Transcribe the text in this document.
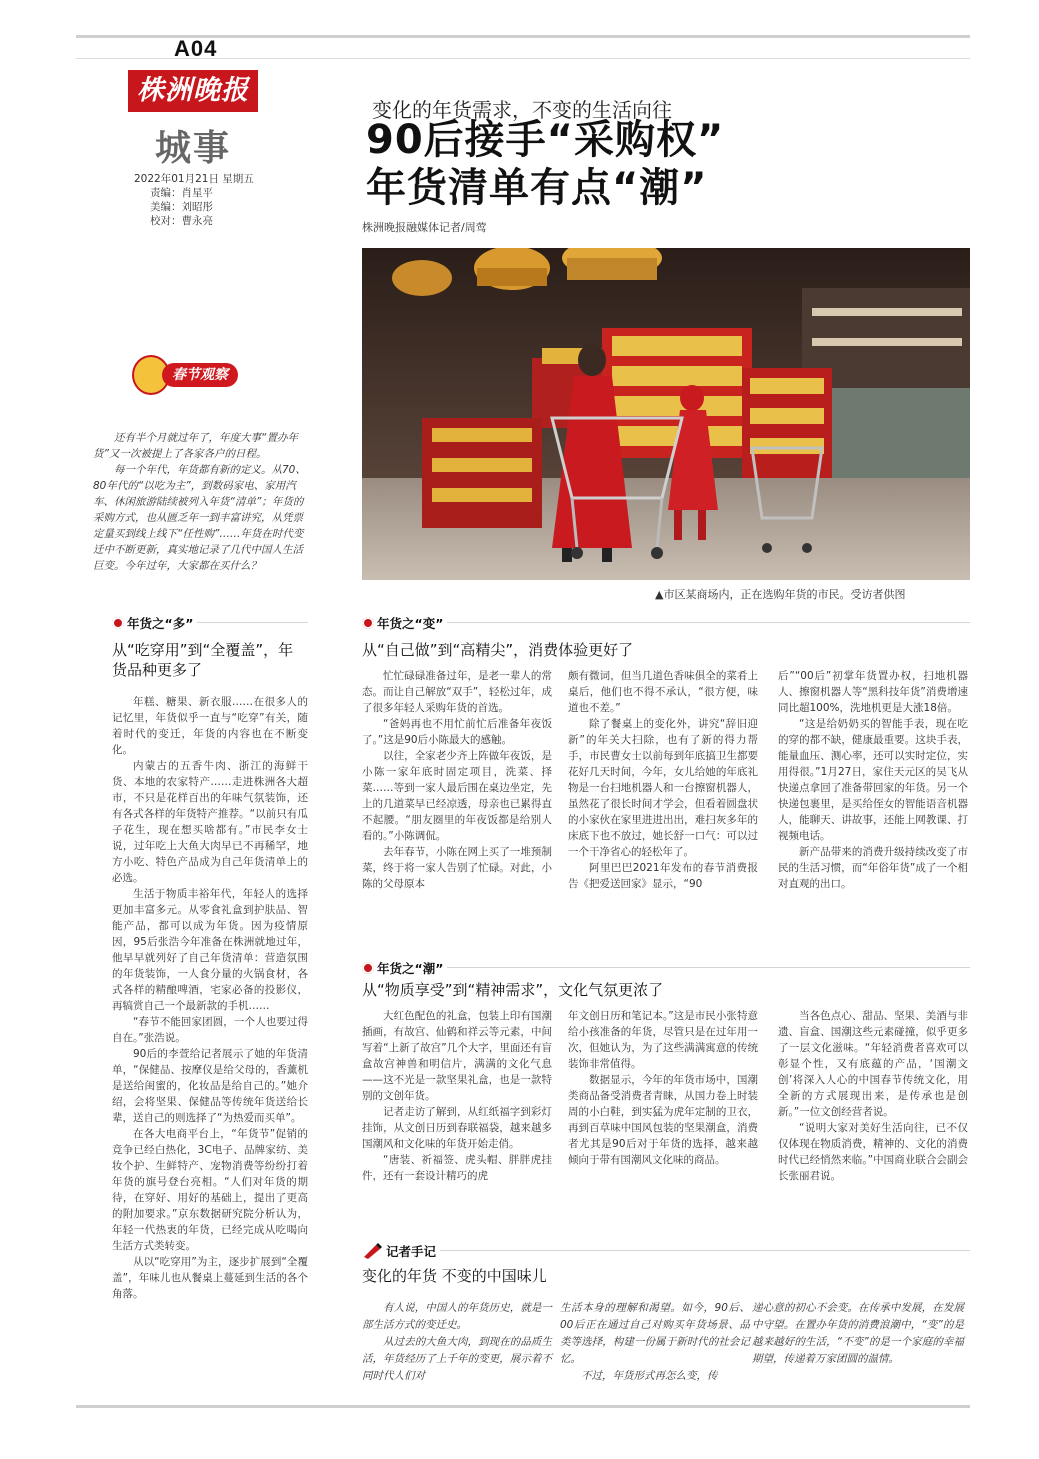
A04
株洲晚报
城事
2022年01月21日 星期五
责编：肖星平
美编：刘昭彤
校对：曹永亮
变化的年货需求，不变的生活向往
90后接手“采购权”
年货清单有点“潮”
株洲晚报融媒体记者/周莺
▲市区某商场内，正在选购年货的市民。受访者供图
春节观察

还有半个月就过年了，年度大事“置办年货”又一次被提上了各家各户的日程。

每一个年代，年货都有新的定义。从70、80年代的“以吃为主”，到数码家电、家用汽车、休闲旅游陆续被列入年货“清单”；年货的采购方式，也从匮乏年一到丰富讲究，从凭票定量买到线上线下“任性购”……年货在时代变迁中不断更新，真实地记录了几代中国人生活巨变。今年过年，大家都在买什么？

年货之“多”
从“吃穿用”到“全覆盖”，年货品种更多了

年糕、糖果、新衣服……在很多人的记忆里，年货似乎一直与“吃穿”有关，随着时代的变迁，年货的内容也在不断变化。

内蒙古的五香牛肉、浙江的海鲜干货、本地的农家特产……走进株洲各大超市，不只是花样百出的年味气氛装饰，还有各式各样的年货特产推荐。“以前只有瓜子花生，现在想买啥都有。”市民李女士说，过年吃上大鱼大肉早已不再稀罕，地方小吃、特色产品成为自己年货清单上的必选。

生活于物质丰裕年代，年轻人的选择更加丰富多元。从零食礼盒到护肤品、智能产品，都可以成为年货。因为疫情原因，95后张浩今年准备在株洲就地过年，他早早就列好了自己年货清单：营造氛围的年货装饰，一人食分量的火锅食材，各式各样的精酿啤酒，宅家必备的投影仪，再犒赏自己一个最新款的手机……

“春节不能回家团圆，一个人也要过得自在。”张浩说。

90后的李萱给记者展示了她的年货清单，“保健品、按摩仪是给父母的，香薰机是送给闺蜜的，化妆品是给自己的。”她介绍，会将坚果、保健品等传统年货送给长辈，送自己的则选择了“为热爱而买单”。

在各大电商平台上，“年货节”促销的竞争已经白热化，3C电子、品牌家纺、美妆个护、生鲜特产、宠物消费等纷纷打着年货的旗号登台亮相。“人们对年货的期待，在穿好、用好的基础上，提出了更高的附加要求。”京东数据研究院分析认为，年轻一代热衷的年货，已经完成从吃喝向生活方式类转变。

从以“吃穿用”为主，逐步扩展到“全覆盖”，年味儿也从餐桌上蔓延到生活的各个角落。

年货之“变”
从“自己做”到“高精尖”，消费体验更好了

忙忙碌碌准备过年，是老一辈人的常态。而让自己解放“双手”，轻松过年，成了很多年轻人采购年货的首选。

“爸妈再也不用忙前忙后准备年夜饭了。”这是90后小陈最大的感触。

以往，全家老少齐上阵做年夜饭，是小陈一家年底时固定项目，洗菜、择菜……等到一家人最后围在桌边坐定，先上的几道菜早已经凉透，母亲也已累得直不起腰。“朋友圈里的年夜饭都是给别人看的。”小陈调侃。

去年春节，小陈在网上买了一堆预制菜，终于将一家人告别了忙碌。对此，小陈的父母原本

颇有微词，但当几道色香味俱全的菜肴上桌后，他们也不得不承认，“很方便，味道也不差。”

除了餐桌上的变化外，讲究“辞旧迎新”的年关大扫除，也有了新的得力帮手，市民曹女士以前每到年底搞卫生都要花好几天时间，今年，女儿给她的年底礼物是一台扫地机器人和一台擦窗机器人，虽然花了很长时间才学会，但看着圆盘状的小家伙在家里进进出出，难扫灰多年的床底下也不放过，她长舒一口气：可以过一个干净省心的轻松年了。

阿里巴巴2021年发布的春节消费报告《把爱送回家》显示，“90

后”“00后”初掌年货置办权，扫地机器人、擦窗机器人等“黑科技年货”消费增速同比超100%，洗地机更是大涨18倍。

“这是给奶奶买的智能手表，现在吃的穿的都不缺，健康最重要。这块手表，能量血压、测心率，还可以实时定位，实用得很。”1月27日，家住天元区的吴飞从快递点拿回了准备带回家的年货。另一个快递包裹里，是买给侄女的智能语音机器人，能聊天、讲故事，还能上网教课、打视频电话。

新产品带来的消费升级持续改变了市民的生活习惯，而“年俗年货”成了一个相对直观的出口。

年货之“潮”
从“物质享受”到“精神需求”，文化气氛更浓了

大红色配色的礼盒，包装上印有国潮插画，有故宫、仙鹤和祥云等元素，中间写着“上新了故宫”几个大字，里面还有盲盒故宫神兽和明信片，满满的文化气息——这不光是一款坚果礼盒，也是一款特别的文创年货。

记者走访了解到，从红纸福字到彩灯挂饰，从文创日历到春联福袋，越来越多国潮风和文化味的年货开始走俏。

“唐装、祈福签、虎头帽、胖胖虎挂件，还有一套设计精巧的虎

年文创日历和笔记本。”这是市民小张特意给小孩准备的年货，尽管只是在过年用一次，但她认为，为了这些满满寓意的传统装饰非常值得。

数据显示，今年的年货市场中，国潮类商品备受消费者青睐，从国力卷上时装周的小白鞋，到实猛为虎年定制的卫衣，再到百草味中国风包装的坚果潮盒，消费者尤其是90后对于年货的选择，越来越倾向于带有国潮风文化味的商品。

当各色点心、甜品、坚果、美酒与非遗、盲盒、国潮这些元素碰撞，似乎更多了一层文化滋味。“年轻消费者喜欢可以彰显个性，又有底蕴的产品，‘国潮文创’将深入人心的中国春节传统文化，用全新的方式展现出来，是传承也是创新。”一位文创经营者说。

“说明大家对美好生活向往，已不仅仅体现在物质消费，精神的、文化的消费时代已经悄然来临。”中国商业联合会副会长张丽君说。

记者手记
变化的年货 不变的中国味儿

有人说，中国人的年货历史，就是一部生活方式的变迁史。

从过去的大鱼大肉，到现在的品质生活，年货经历了上千年的变更，展示着不同时代人们对

生活本身的理解和渴望。如今，90后、00后正在通过自己对购买年货场景、品类等选择，构建一份属于新时代的社会记忆。

不过，年货形式再怎么变，传

递心意的初心不会变。在传承中发展，在发展中守望。在置办年货的消费浪潮中，“变”的是越来越好的生活，“不变”的是一个家庭的幸福期望，传递着万家团圆的温情。
